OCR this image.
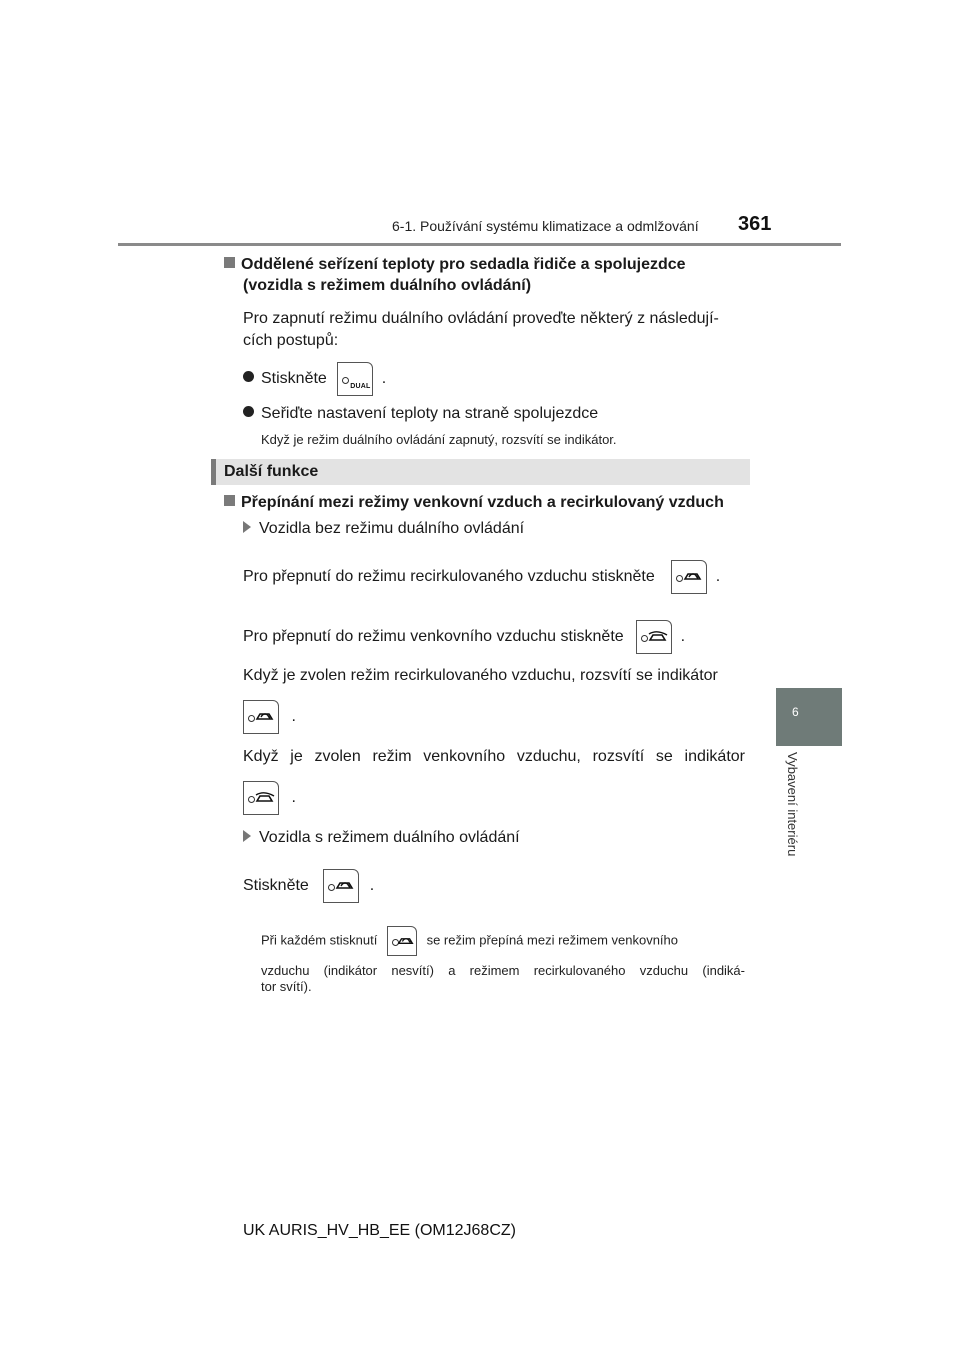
6-1. Používání systému klimatizace a odmlžování 361
6
Vybavení interiéru
Oddělené seřízení teploty pro sedadla řidiče a spolujezdce
(vozidla s režimem duálního ovládání)
Pro zapnutí režimu duálního ovládání proveďte některý z následují-
cích postupů:
Stiskněte	DUAL .
Seřiďte nastavení teploty na straně spolujezdce
Když je režim duálního ovládání zapnutý, rozsvítí se indikátor.
Další funkce
Přepínání mezi režimy venkovní vzduch a recirkulovaný vzduch
Vozidla bez režimu duálního ovládání
Pro přepnutí do režimu recirkulovaného vzduchu stiskněte	.
Pro přepnutí do režimu venkovního vzduchu stiskněte	.
Když je zvolen režim recirkulovaného vzduchu, rozsvítí se indikátor
.
Když je zvolen režim venkovního vzduchu, rozsvítí se indikátor
.
Vozidla s režimem duálního ovládání
Stiskněte	.
Při každém stisknutí	se režim přepíná mezi režimem venkovního
vzduchu (indikátor nesvítí) a režimem recirkulovaného vzduchu (indiká-
tor svítí).
UK AURIS_HV_HB_EE (OM12J68CZ)
